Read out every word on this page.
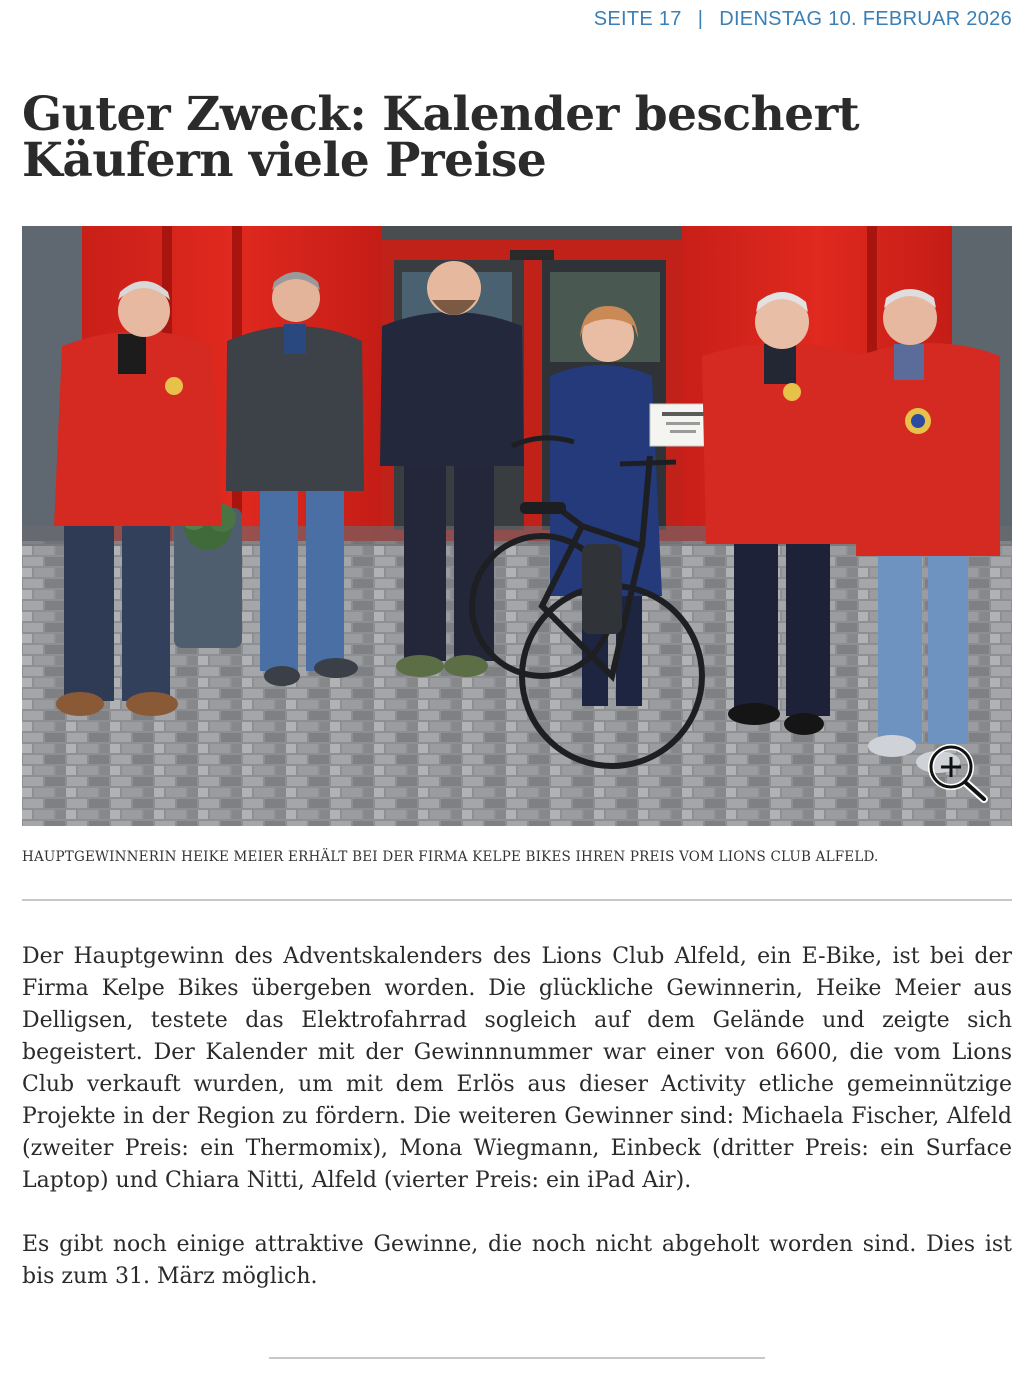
SEITE 17 | DIENSTAG 10. FEBRUAR 2026
Guter Zweck: Kalender beschert Käufern viele Preise
HAUPTGEWINNERIN HEIKE MEIER ERHÄLT BEI DER FIRMA KELPE BIKES IHREN PREIS VOM LIONS CLUB ALFELD.

Der Hauptgewinn des Adventskalenders des Lions Club Alfeld, ein E-Bike, ist bei der Firma Kelpe Bikes übergeben worden. Die glückliche Gewinnerin, Heike Meier aus Delligsen, testete das Elektrofahrrad sogleich auf dem Gelände und zeigte sich begeistert. Der Kalender mit der Gewinnnummer war einer von 6600, die vom Lions Club verkauft wurden, um mit dem Erlös aus dieser Activity etliche gemeinnützige Projekte in der Region zu fördern. Die weiteren Gewinner sind: Michaela Fischer, Alfeld (zweiter Preis: ein Thermomix), Mona Wiegmann, Einbeck (dritter Preis: ein Surface Laptop) und Chiara Nitti, Alfeld (vierter Preis: ein iPad Air).

Es gibt noch einige attraktive Gewinne, die noch nicht abgeholt worden sind. Dies ist bis zum 31. März möglich.
